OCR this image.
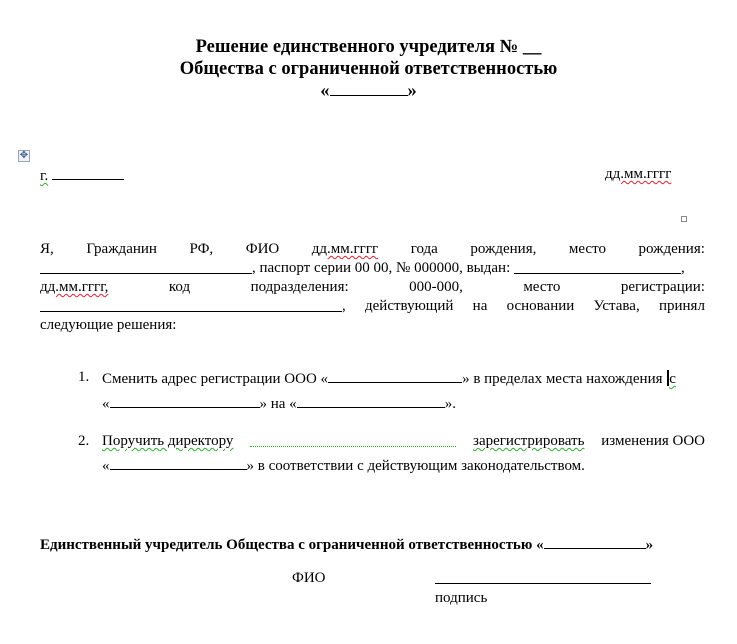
Решение единственного учредителя № __
Общества с ограниченной ответственностью
«	»
✥
г.	дд.мм.гггг
Я, Гражданин РФ, ФИО дд.мм.гггг года рождения, место рождения:
, паспорт серии 00 00, № 000000, выдан:	,
дд.мм.гггг,	код	подразделения:	000-000,	место	регистрации:
, действующий на основании Устава, принял
следующие решения:
1. Сменить адрес регистрации ООО «	» в пределах места нахождения с
«	» на «	».
2. Поручить директору	зарегистрировать изменения ООО
«	» в соответствии с действующим законодательством.
Единственный учредитель Общества с ограниченной ответственностью «	»
ФИО
подпись
